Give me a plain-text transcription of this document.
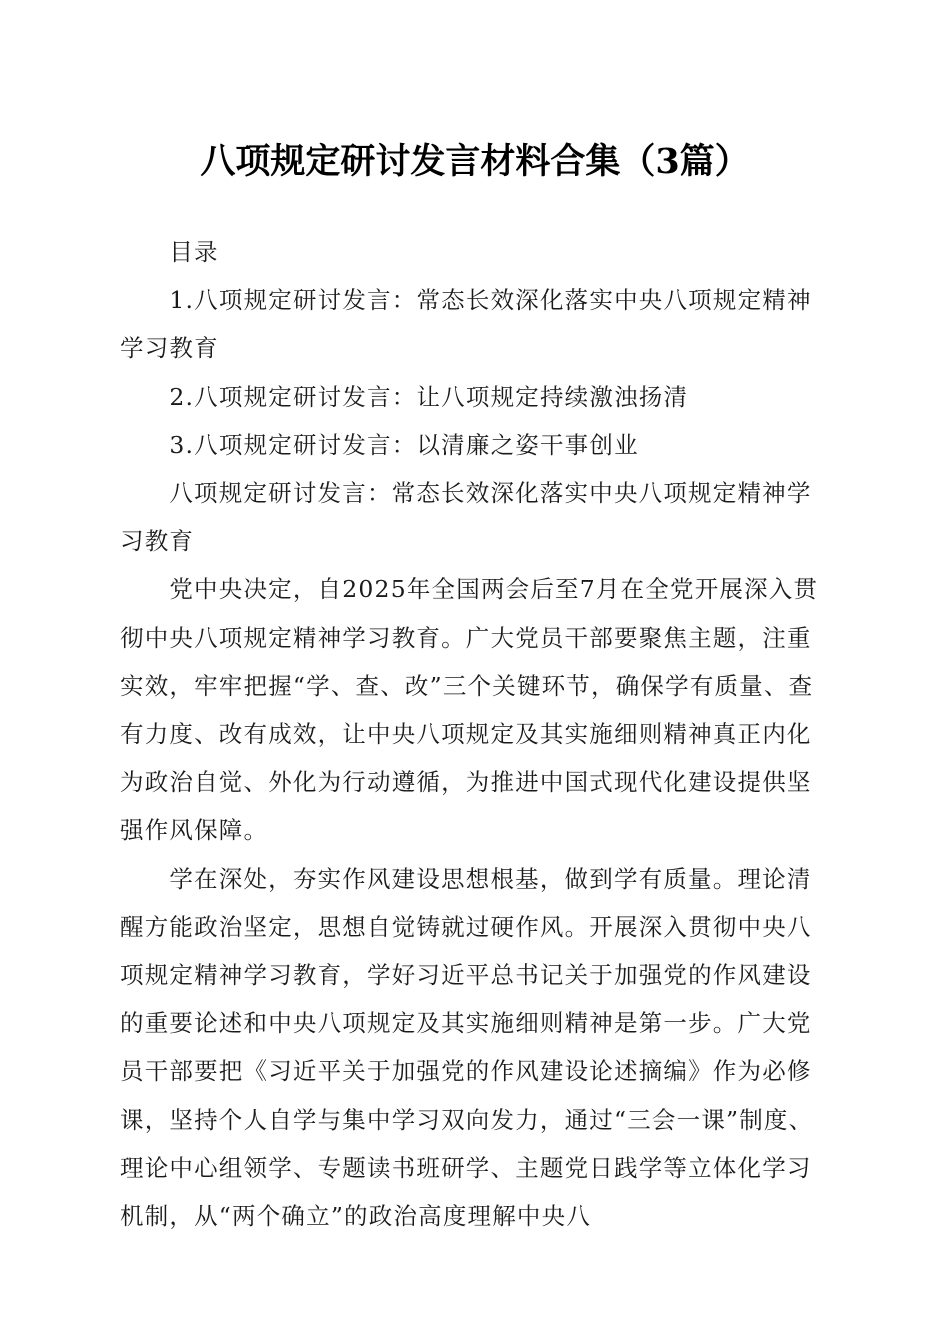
八项规定研讨发言材料合集（3篇）

目录

1.八项规定研讨发言：常态长效深化落实中央八项规定精神学习教育

2.八项规定研讨发言：让八项规定持续激浊扬清

3.八项规定研讨发言：以清廉之姿干事创业

八项规定研讨发言：常态长效深化落实中央八项规定精神学习教育

党中央决定，自2025年全国两会后至7月在全党开展深入贯彻中央八项规定精神学习教育。广大党员干部要聚焦主题，注重实效，牢牢把握“学、查、改”三个关键环节，确保学有质量、查有力度、改有成效，让中央八项规定及其实施细则精神真正内化为政治自觉、外化为行动遵循，为推进中国式现代化建设提供坚强作风保障。

学在深处，夯实作风建设思想根基，做到学有质量。理论清醒方能政治坚定，思想自觉铸就过硬作风。开展深入贯彻中央八项规定精神学习教育，学好习近平总书记关于加强党的作风建设的重要论述和中央八项规定及其实施细则精神是第一步。广大党员干部要把《习近平关于加强党的作风建设论述摘编》作为必修课，坚持个人自学与集中学习双向发力，通过“三会一课”制度、理论中心组领学、专题读书班研学、主题党日践学等立体化学习机制，从“两个确立”的政治高度理解中央八
